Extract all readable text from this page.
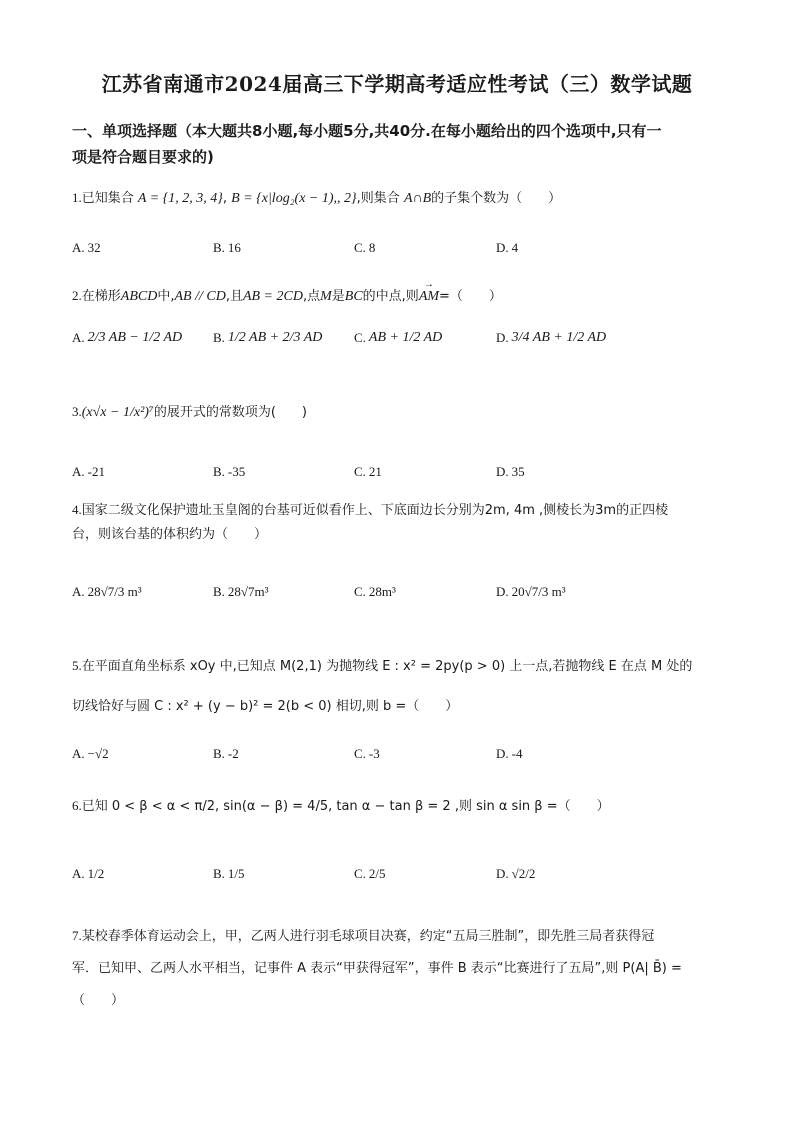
江苏省南通市2024届高三下学期高考适应性考试（三）数学试题
一、单项选择题（本大题共8小题,每小题5分,共40分.在每小题给出的四个选项中,只有一
项是符合题目要求的)
1.已知集合 A = {1, 2, 3, 4}, B = {x|log₂(x − 1),, 2},则集合 A∩B的子集个数为（　　）
A. 32	B. 16	C. 8	D. 4
2.在梯形ABCD中,AB // CD,且AB = 2CD,点M是BC的中点,则→ AM=（　　）
A. 2/3 AB − 1/2 AD B. 1/2 AB + 2/3 AD C. AB + 1/2 AD	D. 3/4 AB + 1/2 AD
3.(x√x − 1/x²)⁷的展开式的常数项为(　　)
A. -21	B. -35	C. 21	D. 35
4.国家二级文化保护遗址玉皇阁的台基可近似看作上、下底面边长分别为2m, 4m ,侧棱长为3m的正四棱
台，则该台基的体积约为（　　）
A. 28√7/3 m³	B. 28√7m³	C. 28m³	D. 20√7/3 m³
5.在平面直角坐标系 xOy 中,已知点 M(2,1) 为抛物线 E : x² = 2py(p > 0) 上一点,若抛物线 E 在点 M 处的
切线恰好与圆 C : x² + (y − b)² = 2(b < 0) 相切,则 b =（　　）
A. −√2	B. -2	C. -3	D. -4
6.已知 0 < β < α < π/2, sin(α − β) = 4/5, tan α − tan β = 2 ,则 sin α sin β =（　　）
A. 1/2	B. 1/5	C. 2/5	D. √2/2
7.某校春季体育运动会上，甲，乙两人进行羽毛球项目决赛，约定“五局三胜制”，即先胜三局者获得冠
军．已知甲、乙两人水平相当，记事件 A 表示“甲获得冠军”，事件 B 表示“比赛进行了五局”,则 P(A| B̄) =
（　　）
